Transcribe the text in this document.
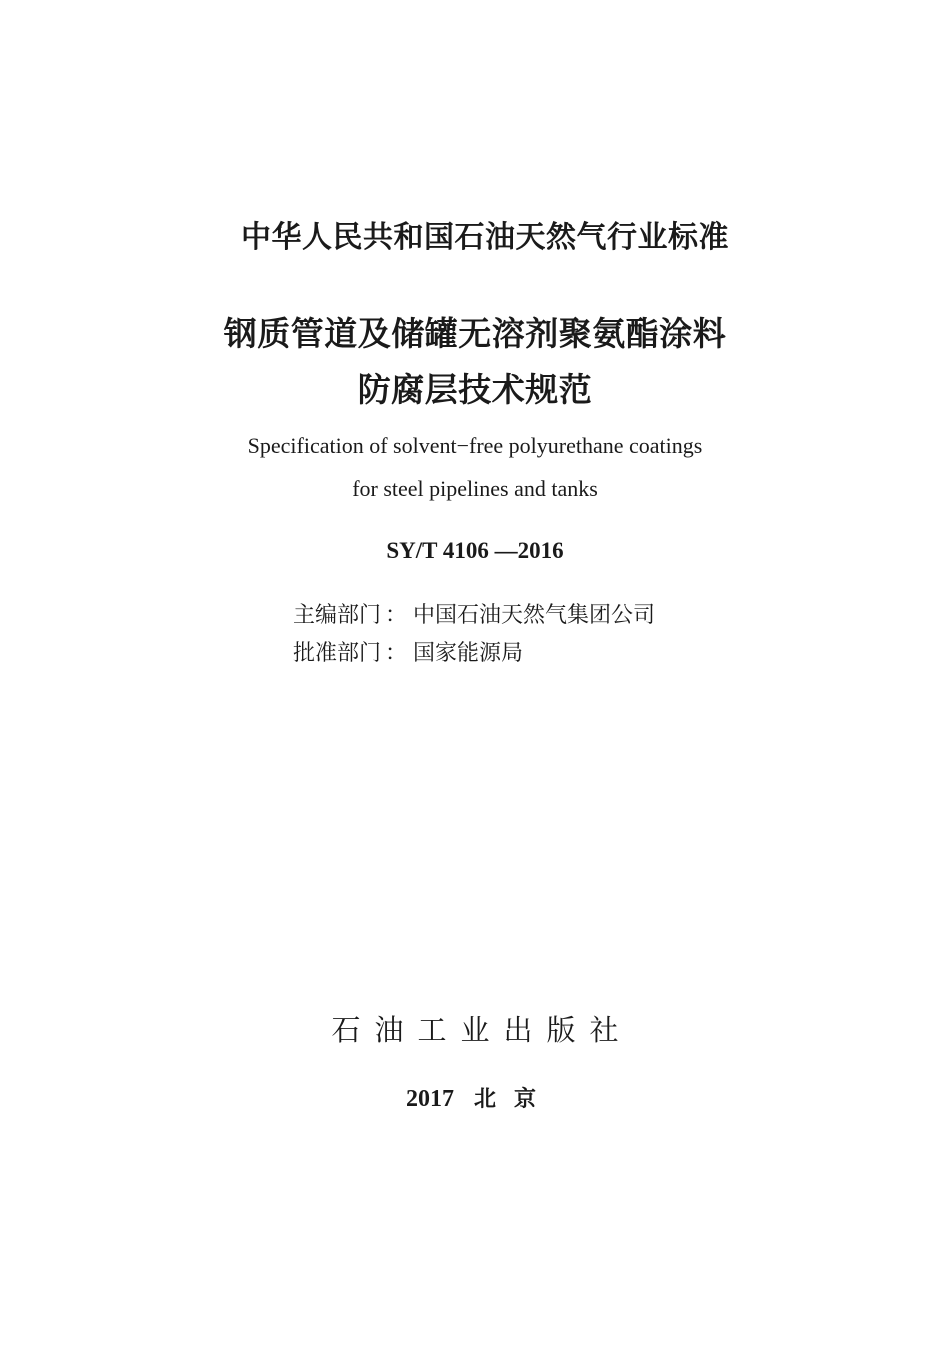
中华人民共和国石油天然气行业标准
钢质管道及储罐无溶剂聚氨酯涂料
防腐层技术规范
Specification of solvent−free polyurethane coatings
for steel pipelines and tanks
SY/T 4106 —2016
主编部门 ： 中国石油天然气集团公司
批准部门 ： 国家能源局
石油工业出版社
2017 北京
